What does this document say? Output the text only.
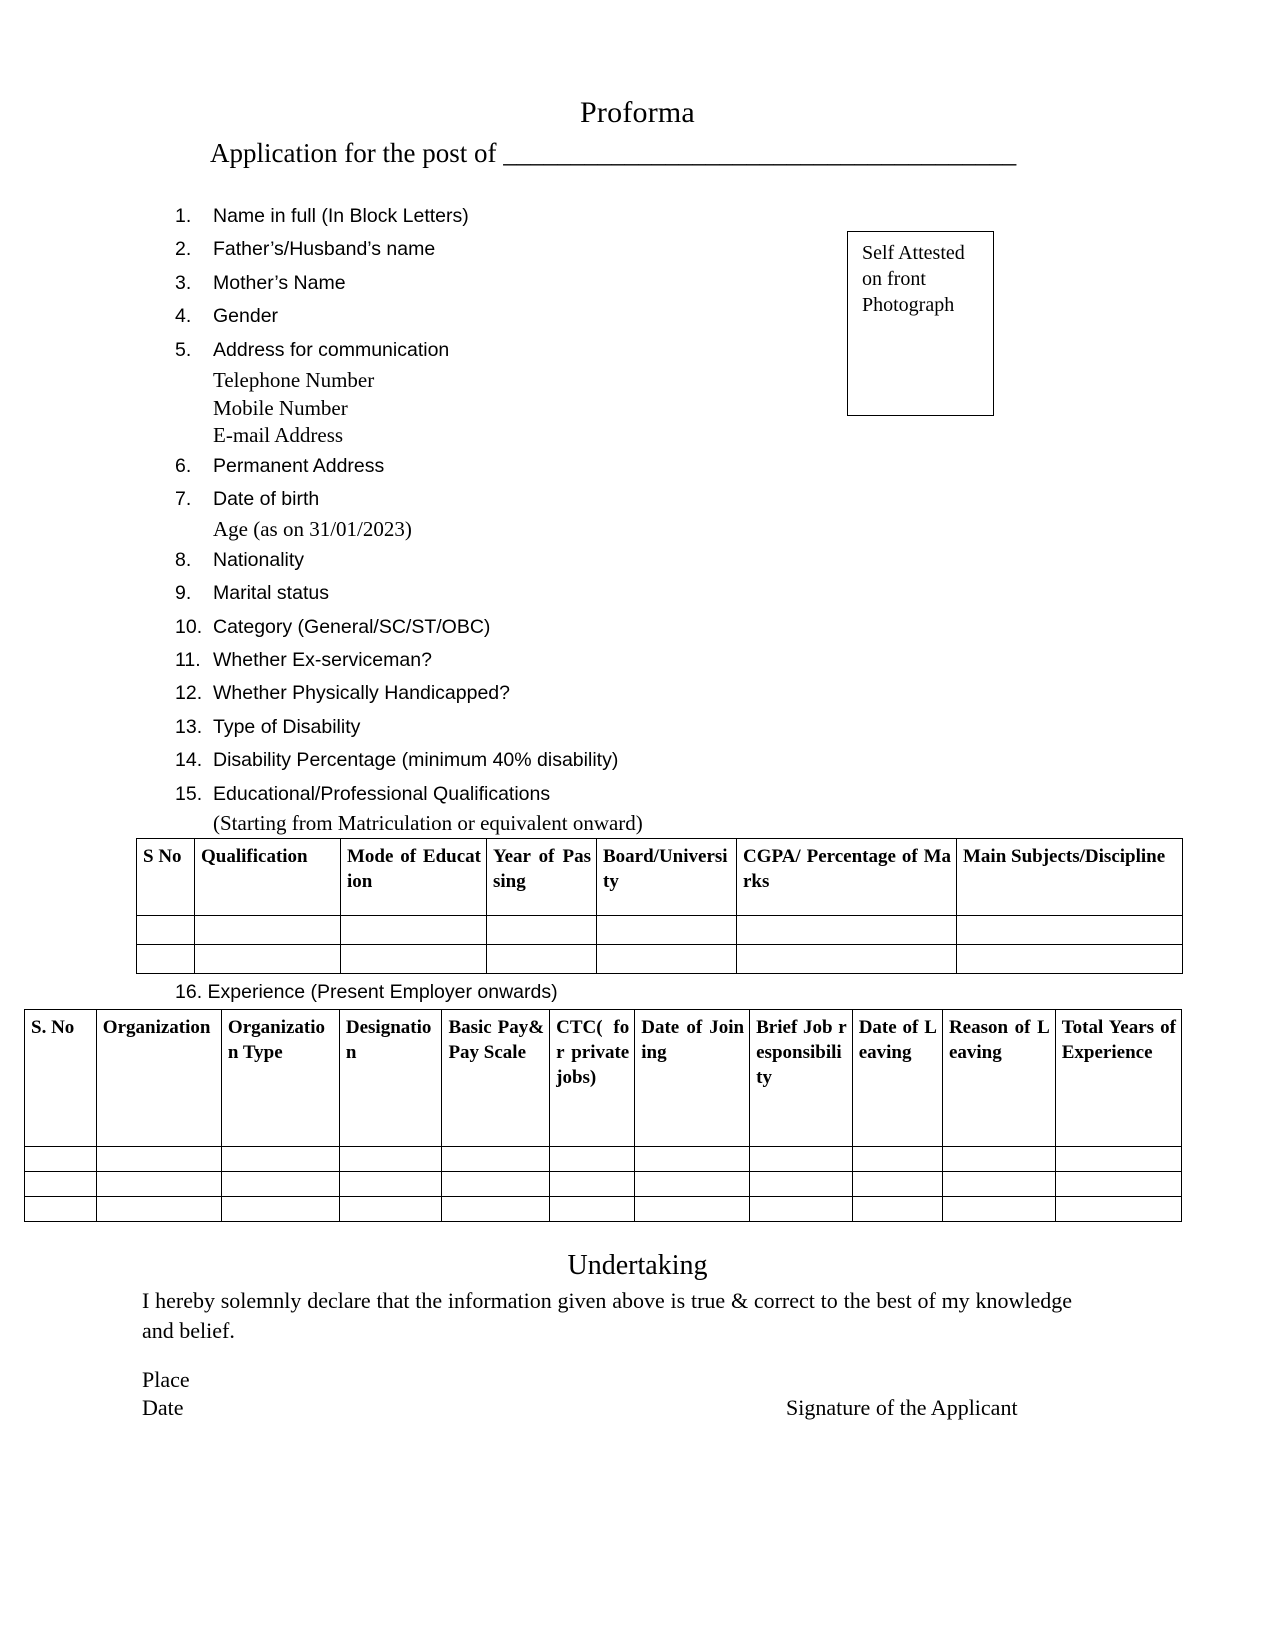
Proforma
Application for the post of ______________________________________
Self Attested
on front
Photograph
1.	Name in full (In Block Letters)
2.	Father’s/Husband’s name
3.	Mother’s Name
4.	Gender
5.	Address for communication
Telephone Number
Mobile Number
E-mail Address
6.	Permanent Address
7.	Date of birth
Age (as on 31/01/2023)
8.	Nationality
9.	Marital status
10. Category (General/SC/ST/OBC)
11. Whether Ex-serviceman?
12. Whether Physically Handicapped?
13. Type of Disability
14. Disability Percentage (minimum 40% disability)
15. Educational/Professional Qualifications
(Starting from Matriculation or equivalent onward)
S No	Qualification	Mode of Education	Year of Passing	Board/University	CGPA/ Percentage of Marks	Main Subjects/Discipline

16. Experience (Present Employer onwards)
S. No	Organization	Organization Type	Designation	Basic Pay& Pay Scale	CTC( for private jobs)	Date of Joining	Brief Job responsibility	Date of Leaving	Reason of Leaving	Total Years of Experience

Undertaking
I hereby solemnly declare that the information given above is true & correct to the best of my knowledge and belief.
Place
Date	Signature of the Applicant
